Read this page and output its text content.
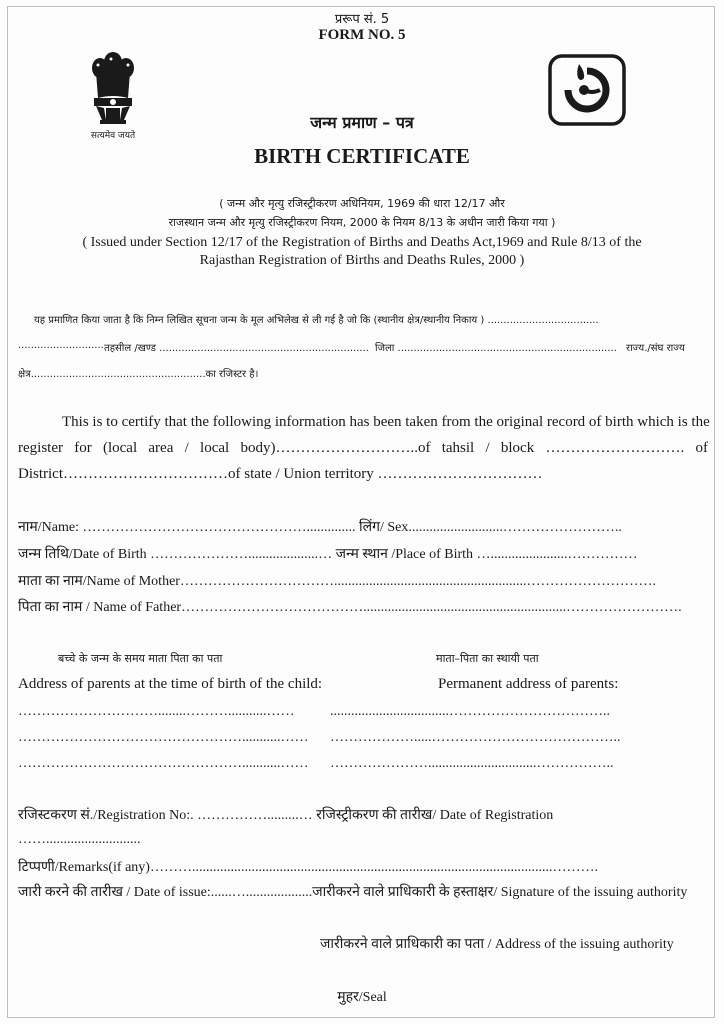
प्ररूप सं. 5
FORM NO. 5
सत्यमेव जयते
जन्म प्रमाण – पत्र
BIRTH CERTIFICATE
( जन्म और मृत्यु रजिस्ट्रीकरण अधिनियम, 1969 की धारा 12/17 और
राजस्थान जन्म और मृत्यु रजिस्ट्रीकरण नियम, 2000 के नियम 8/13 के अधीन जारी किया गया )
( Issued under Section 12/17 of the Registration of Births and Deaths Act,1969 and Rule 8/13 of the
Rajasthan Registration of Births and Deaths Rules, 2000 )
यह प्रमाणित किया जाता है कि निम्न लिखित सूचना जन्म के मूल अभिलेख से ली गई है जो कि (स्थानीय क्षेत्र/स्थानीय निकाय ) ...................................
........................... तहसील /खण्ड .................................................................. जिला ..................................................................... राज्य./संघ राज्य
क्षेत्र.......................................................का रजिस्टर है।
This is to certify that the following information has been taken from the original record of birth which is the
register for (local area / local body)………………………..of tahsil / block ………………………. of
District……………………………of state / Union territory ……………………………
नाम/Name: ………………………………………….............. लिंग/ Sex...........................……………………..
जन्म तिथि/Date of Birth …………………....................… जन्म स्थान /Place of Birth …......................……………
माता का नाम/Name of Mother…………………………….......................................................……………………….
पिता का नाम / Name of Father…………………………………..........................................................…………………….
बच्चे के जन्म के समय माता पिता का पता	माता–पिता का स्थायी पता
Address of parents at the time of birth of the child:	Permanent address of parents:
…………………………........………...........……
…………………………………………...........……
…………………………………………...........……
..................................……………………………..
……………….....…………………………………..
…………………...............................……………..
रजिस्टकरण सं./Registration No:. …………….........… रजिस्ट्रीकरण की तारीख/ Date of Registration
……...........................
टिप्पणी/Remarks(if any)……….......................................................................................................……….
जारी करने की तारीख / Date of issue:......…...................जारीकरने वाले प्राधिकारी के हस्ताक्षर/ Signature of the issuing authority
जारीकरने वाले प्राधिकारी का पता / Address of the issuing authority
मुहर/Seal
